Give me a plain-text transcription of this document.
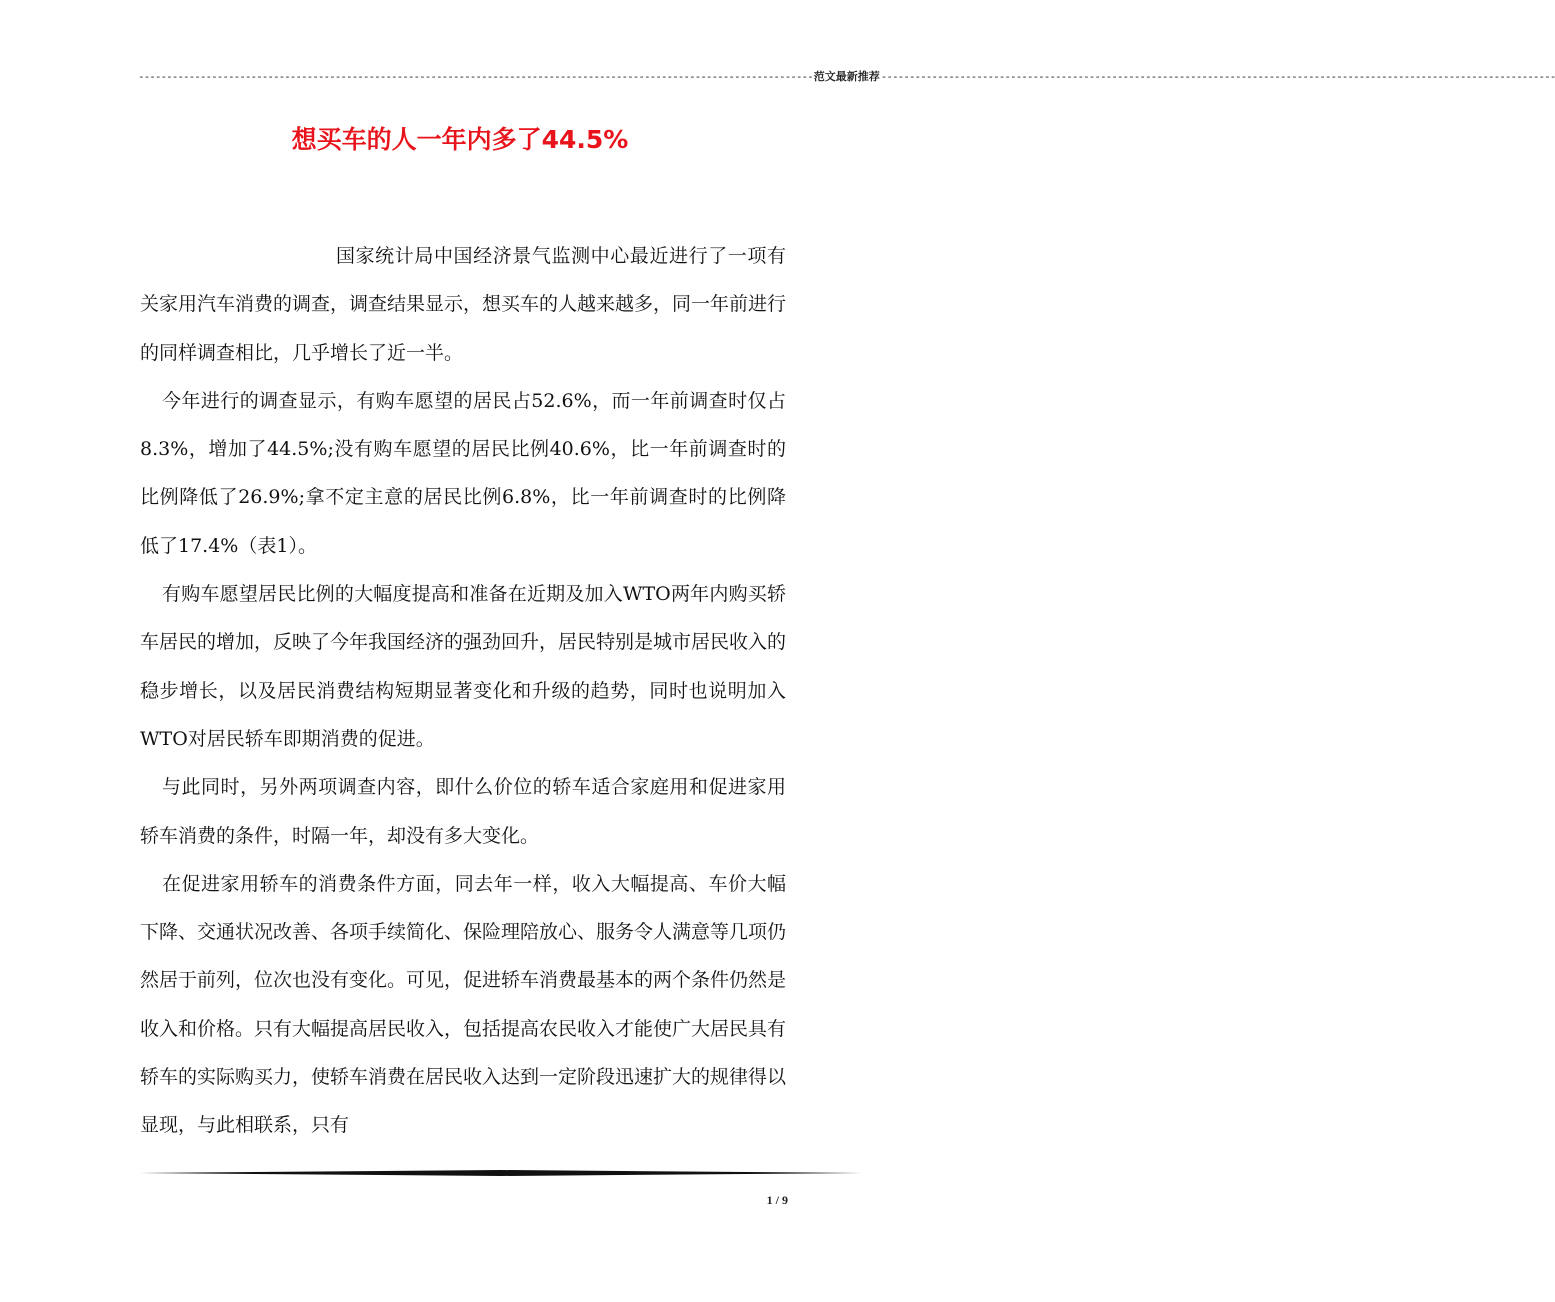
------------------------------------------------------------------------------------------------------------------------ 范文最新推荐 ------------------------------------------------------------------------------------------------------------------------
想买车的人一年内多了44.5%

国家统计局中国经济景气监测中心最近进行了一项有关家用汽车消费的调查，调查结果显示，想买车的人越来越多，同一年前进行的同样调查相比，几乎增长了近一半。

今年进行的调查显示，有购车愿望的居民占52.6%，而一年前调查时仅占8.3%，增加了44.5%;没有购车愿望的居民比例40.6%，比一年前调查时的比例降低了26.9%;拿不定主意的居民比例6.8%，比一年前调查时的比例降低了17.4%（表1）。

有购车愿望居民比例的大幅度提高和准备在近期及加入WTO两年内购买轿车居民的增加，反映了今年我国经济的强劲回升，居民特别是城市居民收入的稳步增长，以及居民消费结构短期显著变化和升级的趋势，同时也说明加入WTO对居民轿车即期消费的促进。

与此同时，另外两项调查内容，即什么价位的轿车适合家庭用和促进家用轿车消费的条件，时隔一年，却没有多大变化。

在促进家用轿车的消费条件方面，同去年一样，收入大幅提高、车价大幅下降、交通状况改善、各项手续简化、保险理陪放心、服务令人满意等几项仍然居于前列，位次也没有变化。可见，促进轿车消费最基本的两个条件仍然是收入和价格。只有大幅提高居民收入，包括提高农民收入才能使广大居民具有轿车的实际购买力，使轿车消费在居民收入达到一定阶段迅速扩大的规律得以显现，与此相联系，只有

1 / 9
